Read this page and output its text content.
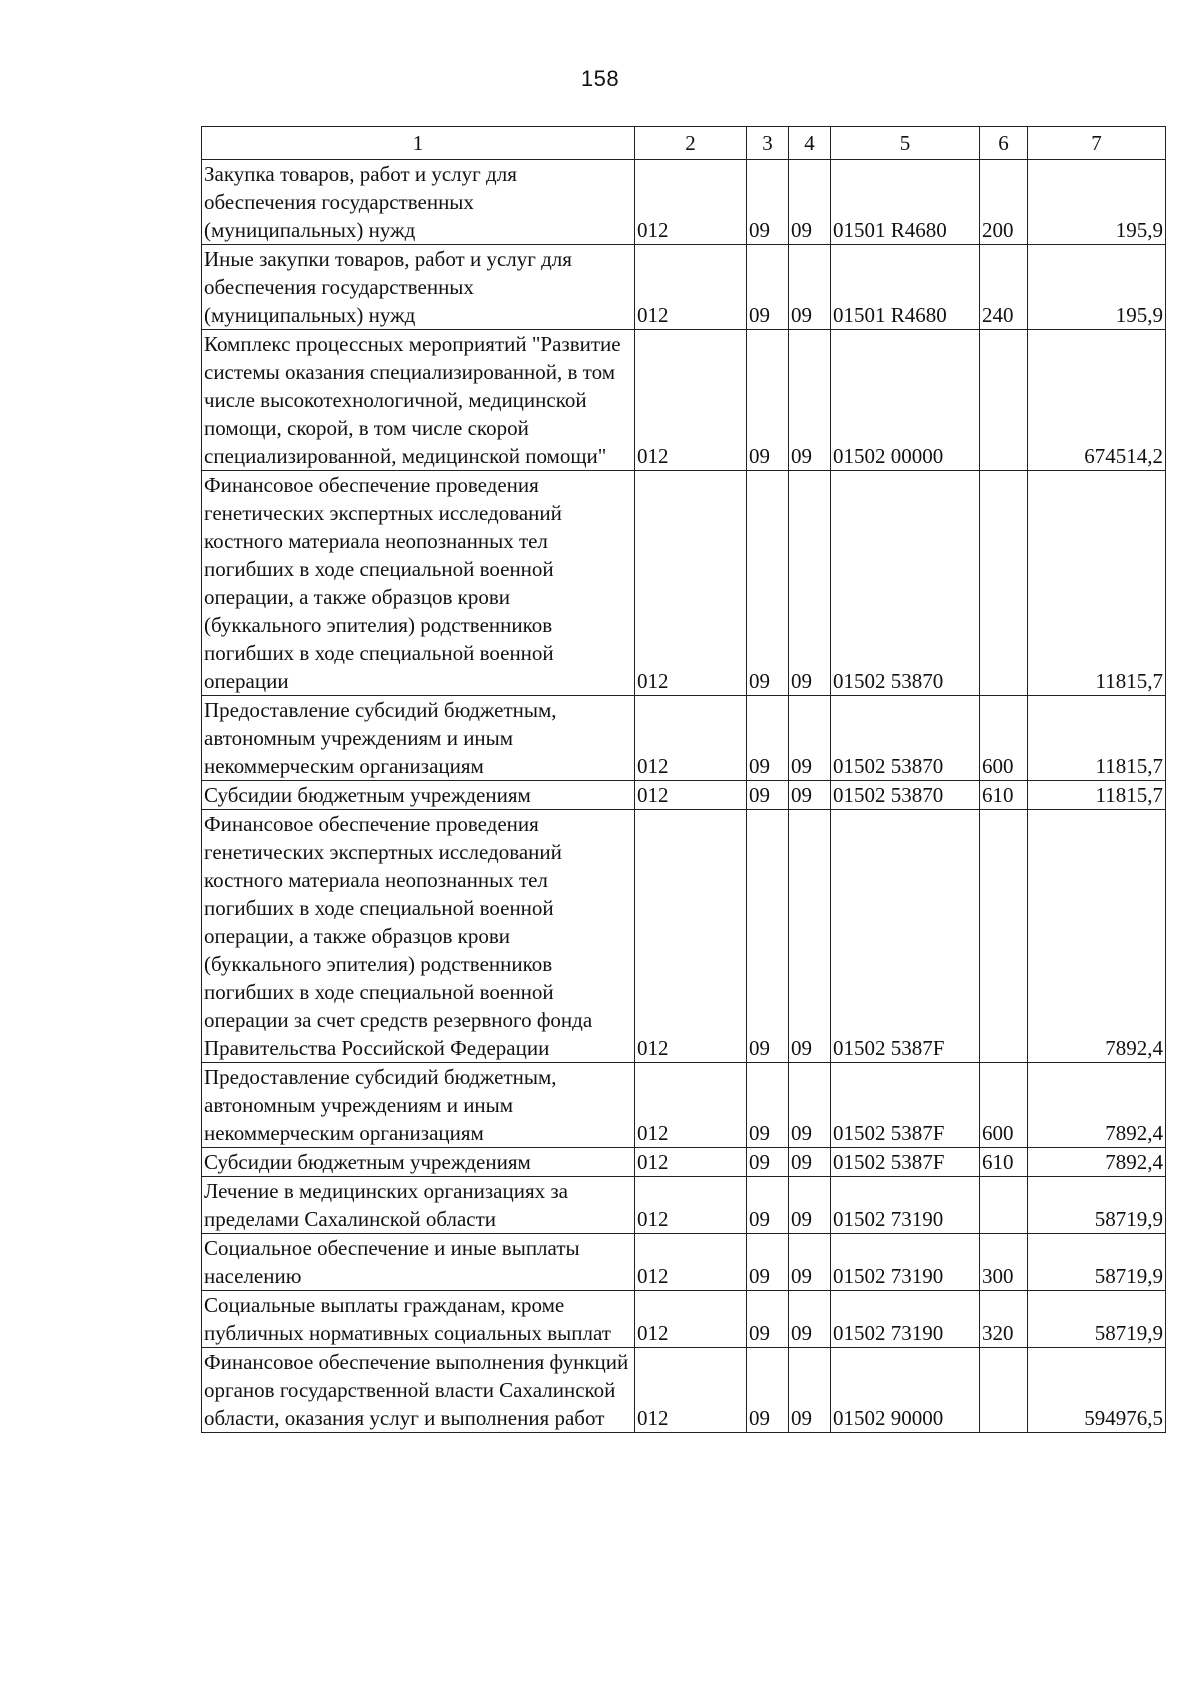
158
1	2	3	4	5	6	7
Закупка товаров, работ и услуг для обеспечения государственных (муниципальных) нужд	012	09	09	01501 R4680	200	195,9
Иные закупки товаров, работ и услуг для обеспечения государственных (муниципальных) нужд	012	09	09	01501 R4680	240	195,9
Комплекс процессных мероприятий "Развитие системы оказания специализированной, в том числе высокотехнологичной, медицинской помощи, скорой, в том числе скорой специализированной, медицинской помощи"	012	09	09	01502 00000		674514,2
Финансовое обеспечение проведения генетических экспертных исследований костного материала неопознанных тел погибших в ходе специальной военной операции, а также образцов крови (буккального эпителия) родственников погибших в ходе специальной военной операции	012	09	09	01502 53870		11815,7
Предоставление субсидий бюджетным, автономным учреждениям и иным некоммерческим организациям	012	09	09	01502 53870	600	11815,7
Субсидии бюджетным учреждениям	012	09	09	01502 53870	610	11815,7
Финансовое обеспечение проведения генетических экспертных исследований костного материала неопознанных тел погибших в ходе специальной военной операции, а также образцов крови (буккального эпителия) родственников погибших в ходе специальной военной операции за счет средств резервного фонда Правительства Российской Федерации	012	09	09	01502 5387F		7892,4
Предоставление субсидий бюджетным, автономным учреждениям и иным некоммерческим организациям	012	09	09	01502 5387F	600	7892,4
Субсидии бюджетным учреждениям	012	09	09	01502 5387F	610	7892,4
Лечение в медицинских организациях за пределами Сахалинской области	012	09	09	01502 73190		58719,9
Социальное обеспечение и иные выплаты населению	012	09	09	01502 73190	300	58719,9
Социальные выплаты гражданам, кроме публичных нормативных социальных выплат	012	09	09	01502 73190	320	58719,9
Финансовое обеспечение выполнения функций органов государственной власти Сахалинской области, оказания услуг и выполнения работ	012	09	09	01502 90000		594976,5
